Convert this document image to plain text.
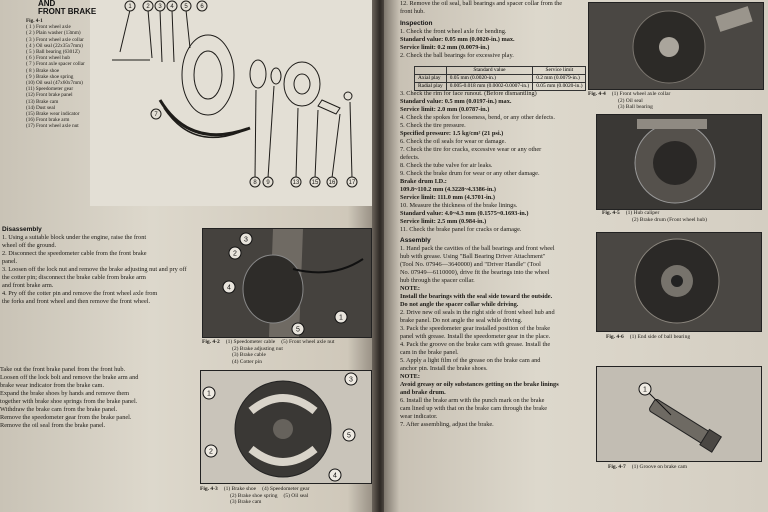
1 2 3 4 5 6
7
8 9	13 15 16 17
AND
FRONT BRAKE
Fig. 4-1
( 1 ) Front wheel axle
( 2 ) Plain washer (13mm)
( 3 ) Front wheel axle collar
( 4 ) Oil seal (22x35x7mm)
( 5 ) Ball bearing (6301Z)
( 6 ) Front wheel hub
( 7 ) Front axle spacer collar
( 8 ) Brake shoe
( 9 ) Brake shoe spring
(10) Oil seal (47x60x7mm)
(11) Speedometer gear
(12) Front brake panel
(13) Brake cam
(14) Dust seal
(15) Brake wear indicator
(16) Front brake arm
(17) Front wheel axle nut
Disassembly
1. Using a suitable block under the engine, raise the front
wheel off the ground.
2. Disconnect the speedometer cable from the front brake
panel.
3. Loosen off the lock nut and remove the brake adjusting nut and pry off
the cotter pin; disconnect the brake cable from brake arm
and front brake arm.
4. Pry off the cotter pin and remove the front wheel axle from
the forks and front wheel and then remove the front wheel.
Take out the front brake panel from the front hub.
Loosen off the lock bolt and remove the brake arm and
brake wear indicator from the brake cam.
Expand the brake shoes by hands and remove them
together with brake shoe springs from the brake panel.
Withdraw the brake cam from the brake panel.
Remove the speedometer gear from the brake panel.
Remove the oil seal from the brake panel.
3
2
4
5
1
Fig. 4-2 (1) Speedometer cable (5) Front wheel axle nut
(2) Brake adjusting nut
(3) Brake cable
(4) Cotter pin
1
2
3
4
5
Fig. 4-3 (1) Brake shoe (4) Speedometer gear
(2) Brake shoe spring (5) Oil seal
(3) Brake cam
12. Remove the oil seal, ball bearings and spacer collar from the
front hub.
Inspection
1. Check the front wheel axle for bending.
Standard value: 0.05 mm (0.0020-in.) max.
Service limit: 0.2 mm (0.0079-in.)
2. Check the ball bearings for excessive play.
3. Check the rim for face runout. (Before dismantling)
Standard value: 0.5 mm (0.0197-in.) max.
Service limit: 2.0 mm (0.0787-in.)
4. Check the spokes for looseness, bend, or any other defects.
5. Check the tire pressure.
Specified pressure: 1.5 kg/cm² (21 psi.)
6. Check the oil seals for wear or damage.
7. Check the tire for cracks, excessive wear or any other
defects.
8. Check the tube valve for air leaks.
9. Check the brake drum for wear or any other damage.
Brake drum I.D.:
109.8~110.2 mm (4.3228~4.3386-in.)
Service limit: 111.0 mm (4.3701-in.)
10. Measure the thickness of the brake linings.
Standard value: 4.0~4.3 mm (0.1575~0.1693-in.)
Service limit: 2.5 mm (0.984-in.)
11. Check the brake panel for cracks or damage.
Assembly
1. Hand pack the cavities of the ball bearings and front wheel
hub with grease. Using "Ball Bearing Driver Attachment"
(Tool No. 07946—3640000) and "Driver Handle" (Tool
No. 07949—6110000), drive fit the bearings into the wheel
hub through the spacer collar.
NOTE:
Install the bearings with the seal side toward the outside.
Do not angle the spacer collar while driving.
2. Drive new oil seals in the right side of front wheel hub and
brake panel. Do not angle the seal while driving.
3. Pack the speedometer gear installed position of the brake
panel with grease. Install the speedometer gear in the place.
4. Pack the groove on the brake cam with grease. Install the
cam in the brake panel.
5. Apply a light film of the grease on the brake cam and
anchor pin. Install the brake shoes.
NOTE:
Avoid greasy or oily substances getting on the brake linings
and brake drum.
6. Install the brake arm with the punch mark on the brake
cam lined up with that on the brake cam through the brake
wear indicator.
7. After assembling, adjust the brake.
	Standard value	Service limit
Axial play	0.05 mm (0.0020-in.)	0.2 mm (0.0079-in.)
Radial play	0.005-0.018 mm (0.0002-0.0007-in.)	0.05 mm (0.0020-in.)
Fig. 4-4 (1) Front wheel axle collar
(2) Oil seal
(3) Ball bearing
Fig. 4-5 (1) Hub caliper
(2) Brake drum (Front wheel hub)
Fig. 4-6 (1) End side of ball bearing
1
Fig. 4-7 (1) Groove on brake cam
